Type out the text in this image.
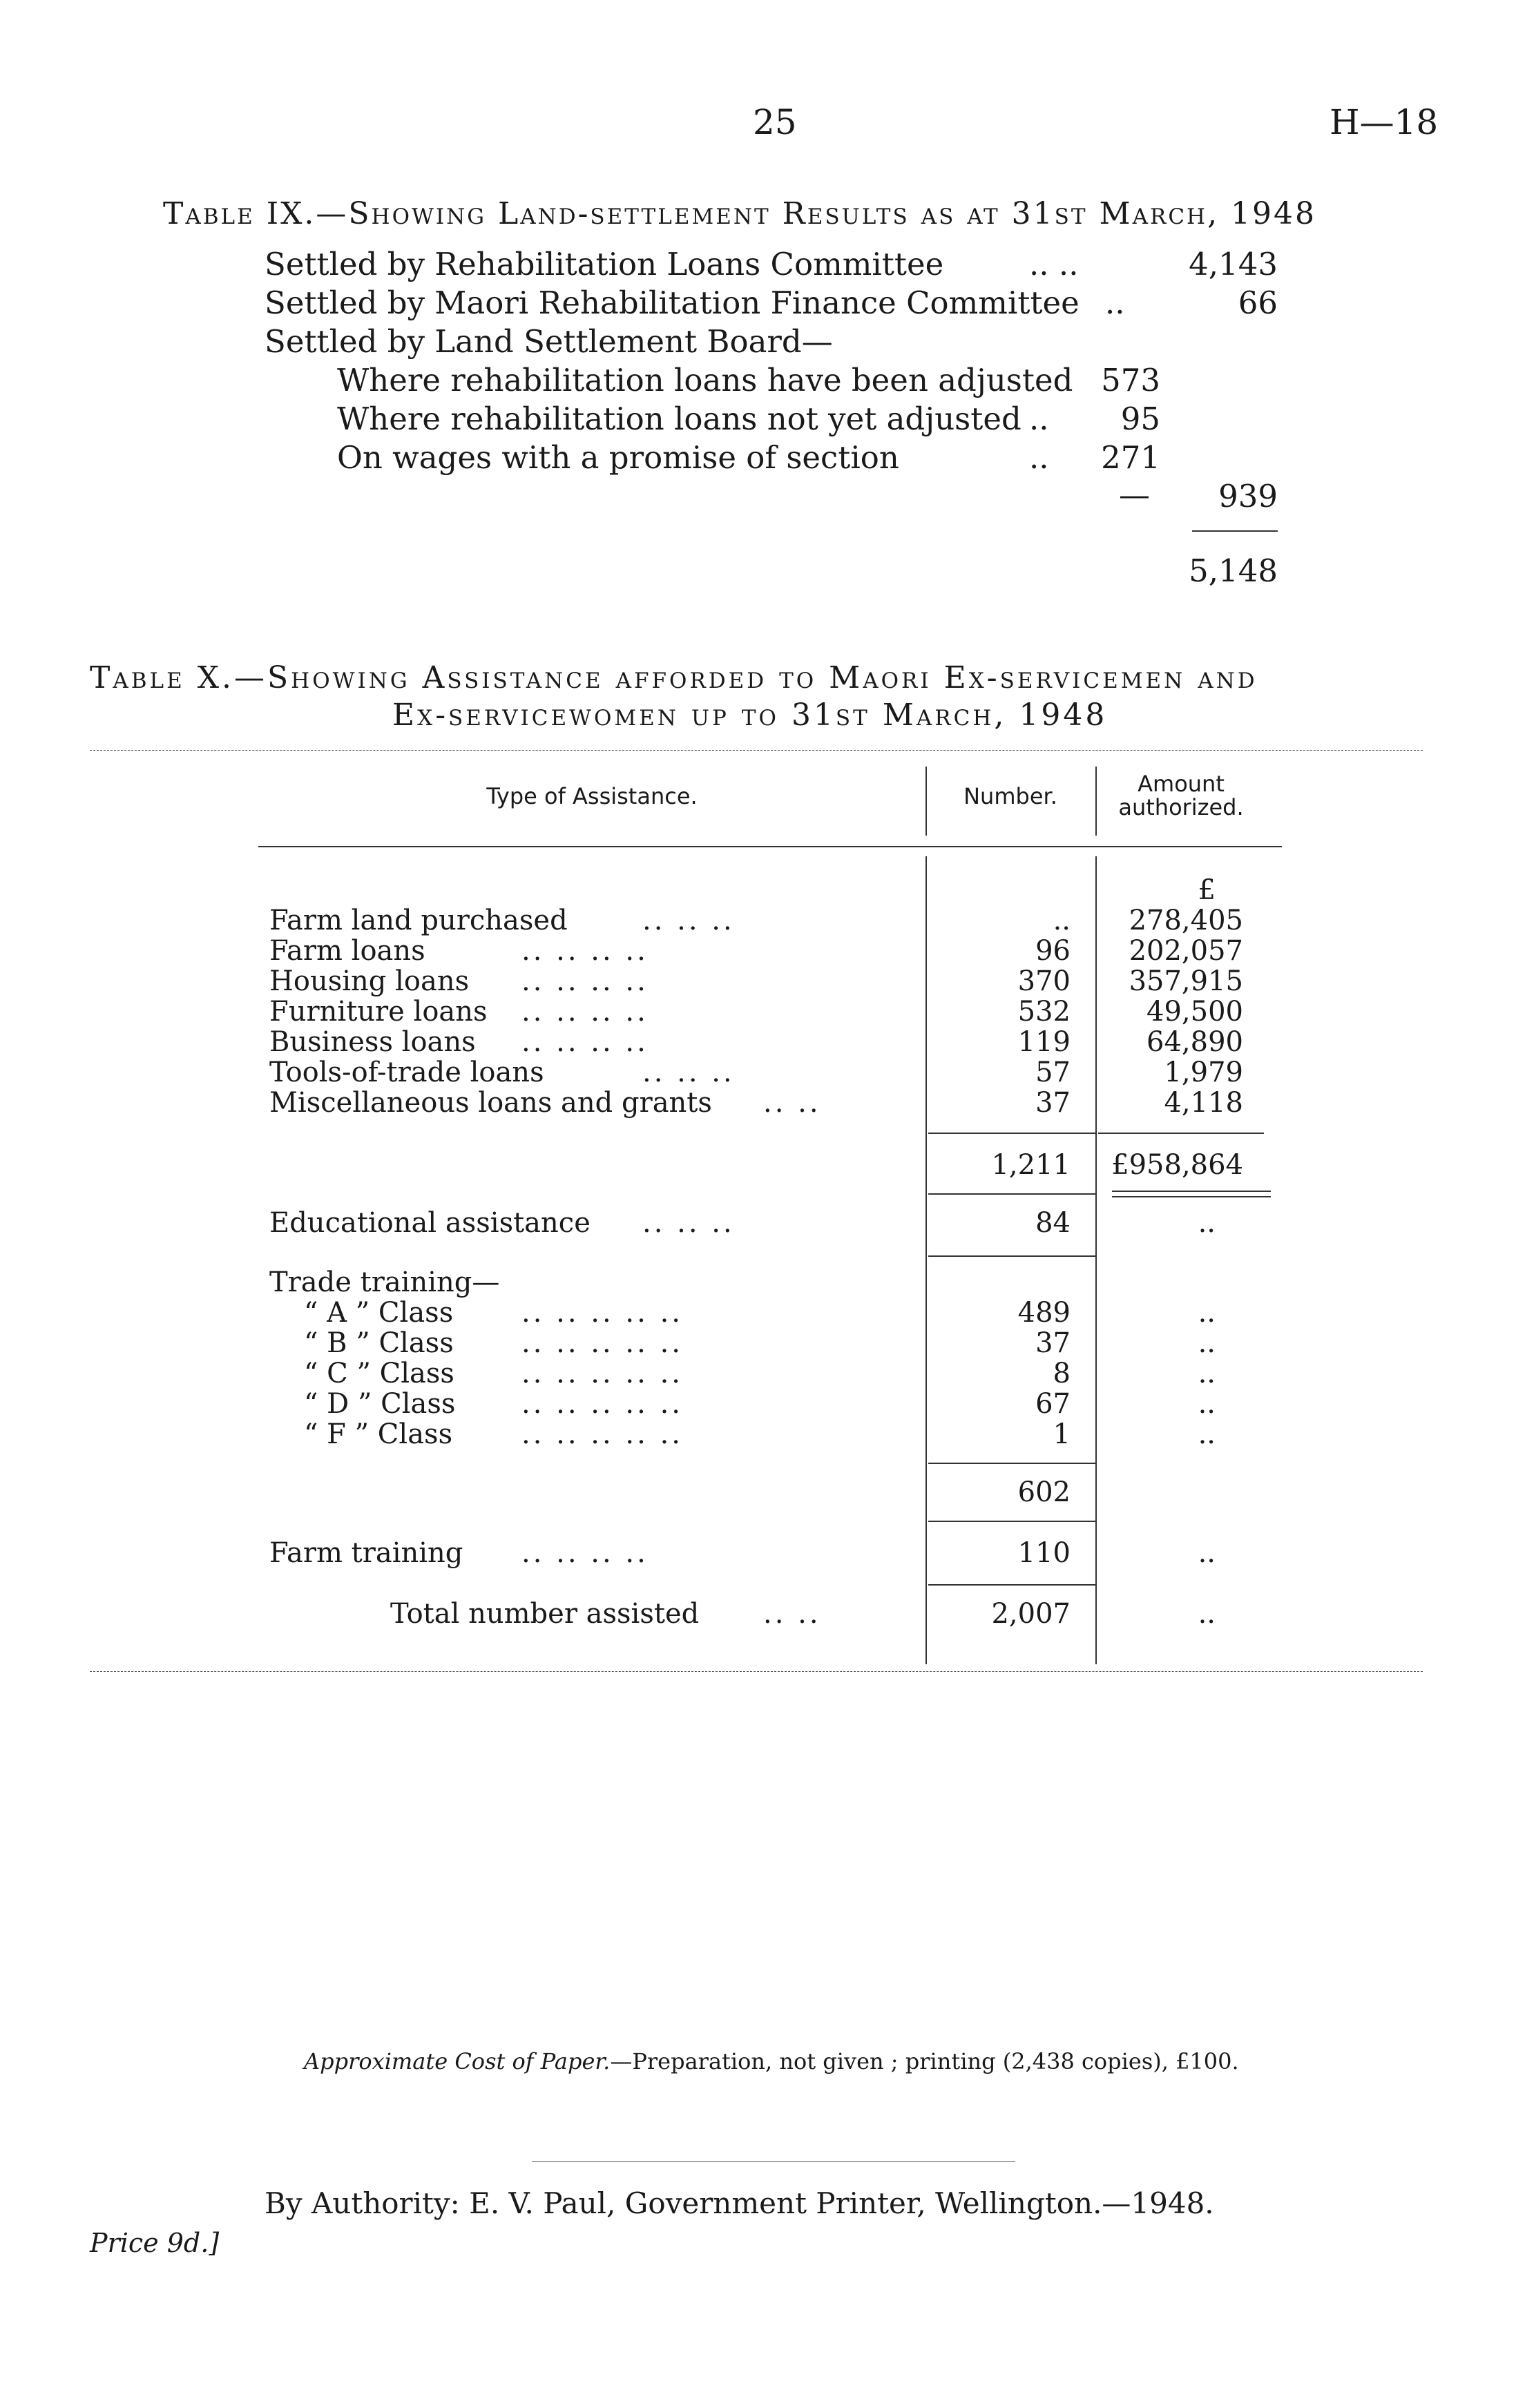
25	H—18
Table IX.—Showing Land-settlement Results as at 31st March, 1948
Settled by Rehabilitation Loans Committee	.. ..	4,143
Settled by Maori Rehabilitation Finance Committee ..	66
Settled by Land Settlement Board—
Where rehabilitation loans have been adjusted 573
Where rehabilitation loans not yet adjusted ..	95
On wages with a promise of section	..	271
—	939
5,148
Table X.—Showing Assistance afforded to Maori Ex-servicemen and
Ex-servicewomen up to 31st March, 1948
Type of Assistance.	Number.	Amount
authorized.
£
Farm land purchased	.. .. ..	..	278,405
Farm loans	.. .. .. ..	96	202,057
Housing loans .. .. .. ..	370	357,915
Furniture loans .. .. .. ..	532	49,500
Business loans .. .. .. ..	119	64,890
Tools-of-trade loans	.. .. ..	57	1,979
Miscellaneous loans and grants .. ..	37	4,118
1,211 £958,864
Educational assistance .. .. ..	84	..
Trade training—
“ A ” Class .. .. .. .. ..	489	..
“ B ” Class .. .. .. .. ..	37	..
“ C ” Class .. .. .. .. ..	8	..
“ D ” Class .. .. .. .. ..	67	..
“ F ” Class .. .. .. .. ..	1	..
602
Farm training .. .. .. ..	110	..
Total number assisted .. ..	2,007	..
Approximate Cost of Paper.—Preparation, not given ; printing (2,438 copies), £100.
By Authority: E. V. Paul, Government Printer, Wellington.—1948.
Price 9d.]
